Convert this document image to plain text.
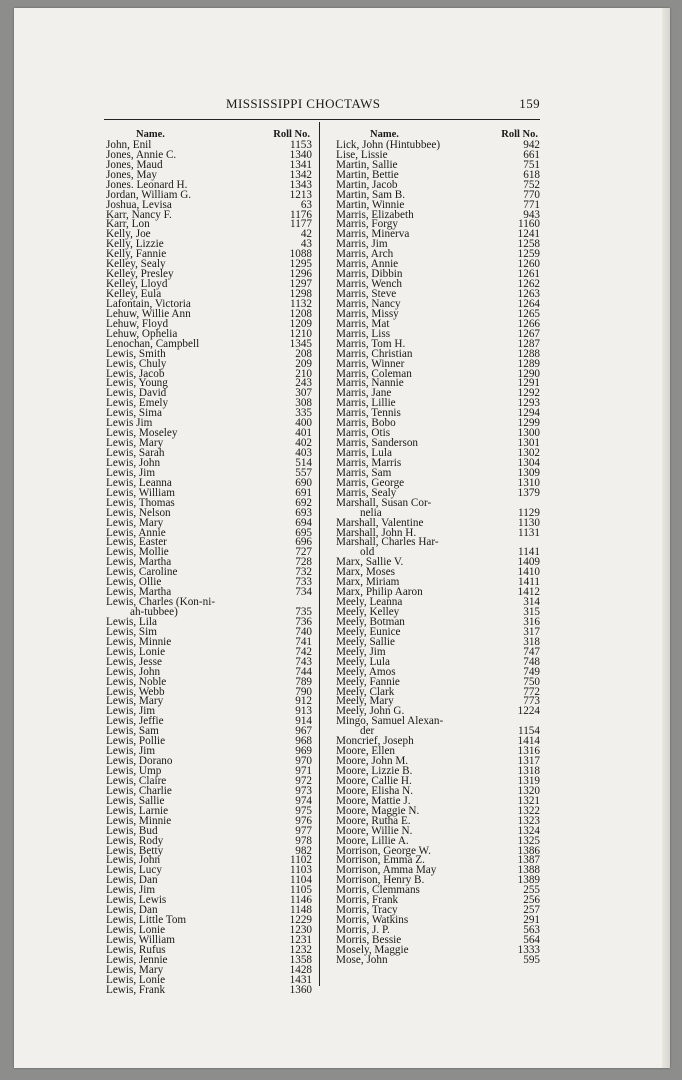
MISSISSIPPI CHOCTAWS	159
Name.	Roll No.
John, Enil	1153
Jones, Annie C.	1340
Jones, Maud	1341
Jones, May	1342
Jones. Leonard H.	1343
Jordan, William G.	1213
Joshua, Levisa	63
Karr, Nancy F.	1176
Karr, Lon	1177
Kelly, Joe	42
Kelly, Lizzie	43
Kelly, Fannie	1088
Kelley, Sealy	1295
Kelley, Presley	1296
Kelley, Lloyd	1297
Kelley, Eula	1298
Lafontain, Victoria	1132
Lehuw, Willie Ann	1208
Lehuw, Floyd	1209
Lehuw, Ophelia	1210
Lenochan, Campbell	1345
Lewis, Smith	208
Lewis, Chuly	209
Lewis, Jacob	210
Lewis, Young	243
Lewis, David	307
Lewis, Emely	308
Lewis, Sima	335
Lewis Jim	400
Lewis, Moseley	401
Lewis, Mary	402
Lewis, Sarah	403
Lewis, John	514
Lewis, Jim	557
Lewis, Leanna	690
Lewis, William	691
Lewis, Thomas	692
Lewis, Nelson	693
Lewis, Mary	694
Lewis, Annie	695
Lewis, Easter	696
Lewis, Mollie	727
Lewis, Martha	728
Lewis, Caroline	732
Lewis, Ollie	733
Lewis, Martha	734
Lewis, Charles (Kon-ni-
ah-tubbee)	735
Lewis, Lila	736
Lewis, Sim	740
Lewis, Minnie	741
Lewis, Lonie	742
Lewis, Jesse	743
Lewis, John	744
Lewis, Noble	789
Lewis, Webb	790
Lewis, Mary	912
Lewis, Jim	913
Lewis, Jeffie	914
Lewis, Sam	967
Lewis, Pollie	968
Lewis, Jim	969
Lewis, Dorano	970
Lewis, Ump	971
Lewis, Claire	972
Lewis, Charlie	973
Lewis, Sallie	974
Lewis, Larnie	975
Lewis, Minnie	976
Lewis, Bud	977
Lewis, Rody	978
Lewis, Betty	982
Lewis, John	1102
Lewis, Lucy	1103
Lewis, Dan	1104
Lewis, Jim	1105
Lewis, Lewis	1146
Lewis, Dan	1148
Lewis, Little Tom	1229
Lewis, Lonie	1230
Lewis, William	1231
Lewis, Rufus	1232
Lewis, Jennie	1358
Lewis, Mary	1428
Lewis, Lonie	1431
Lewis, Frank	1360
Name.	Roll No.
Lick, John (Hintubbee)	942
Lise, Lissie	661
Martin, Sallie	751
Martin, Bettie	618
Martin, Jacob	752
Martin, Sam B.	770
Martin, Winnie	771
Marris, Elizabeth	943
Marris, Forgy	1160
Marris, Minerva	1241
Marris, Jim	1258
Marris, Arch	1259
Marris, Annie	1260
Marris, Dibbin	1261
Marris, Wench	1262
Marris, Steve	1263
Marris, Nancy	1264
Marris, Missy	1265
Marris, Mat	1266
Marris, Liss	1267
Marris, Tom H.	1287
Marris, Christian	1288
Marris, Winner	1289
Marris, Coleman	1290
Marris, Nannie	1291
Marris, Jane	1292
Marris, Lillie	1293
Marris, Tennis	1294
Marris, Bobo	1299
Marris, Otis	1300
Marris, Sanderson	1301
Marris, Lula	1302
Marris, Marris	1304
Marris, Sam	1309
Marris, George	1310
Marris, Sealy	1379
Marshall, Susan Cor-
nelia	1129
Marshall, Valentine	1130
Marshall, John H.	1131
Marshall, Charles Har-
old	1141
Marx, Sallie V.	1409
Marx, Moses	1410
Marx, Miriam	1411
Marx, Philip Aaron	1412
Meely, Leanna	314
Meely, Kelley	315
Meely, Botman	316
Meely, Eunice	317
Meely, Sallie	318
Meely, Jim	747
Meely, Lula	748
Meely, Amos	749
Meely, Fannie	750
Meely, Clark	772
Meely, Mary	773
Meely, John G.	1224
Mingo, Samuel Alexan-
der	1154
Moncrief, Joseph	1414
Moore, Ellen	1316
Moore, John M.	1317
Moore, Lizzie B.	1318
Moore, Callie H.	1319
Moore, Elisha N.	1320
Moore, Mattie J.	1321
Moore, Maggie N.	1322
Moore, Rutha E.	1323
Moore, Willie N.	1324
Moore, Lillie A.	1325
Morrison, George W.	1386
Morrison, Emma Z.	1387
Morrison, Amma May	1388
Morrison, Henry B.	1389
Morris, Clemmans	255
Morris, Frank	256
Morris, Tracy	257
Morris, Watkins	291
Morris, J. P.	563
Morris, Bessie	564
Mosely, Maggie	1333
Mose, John	595
